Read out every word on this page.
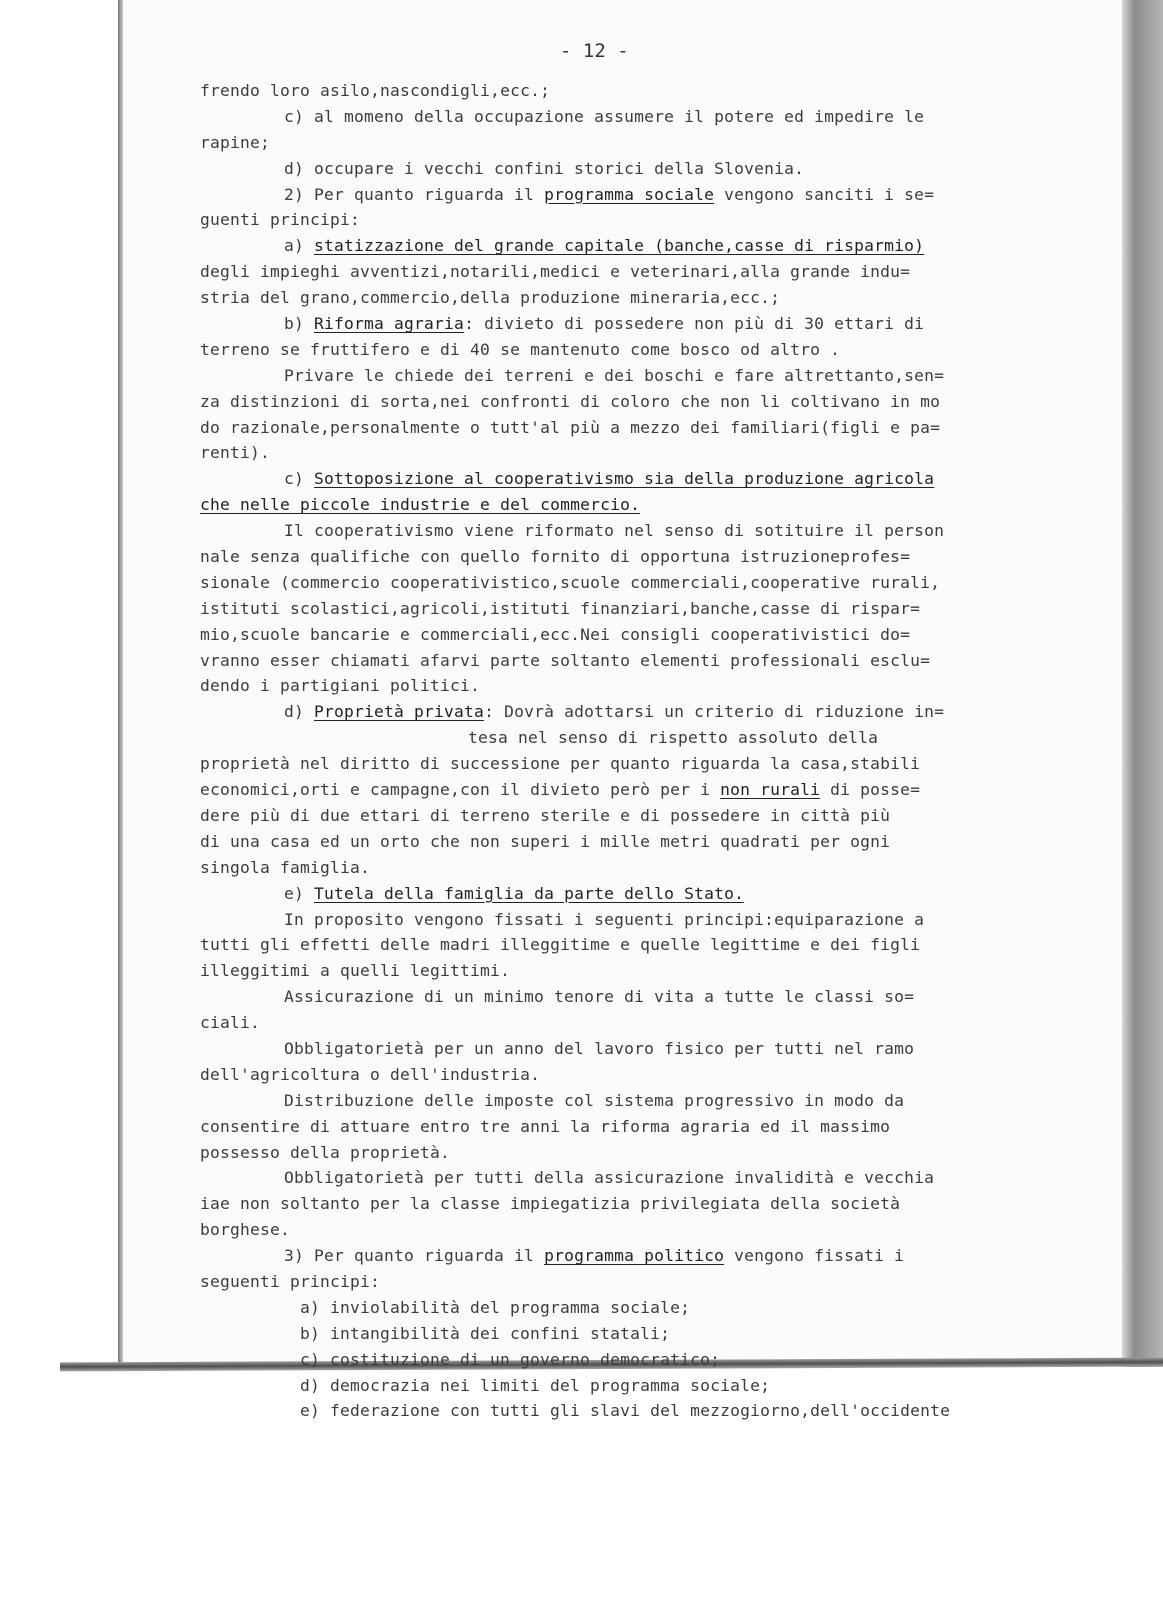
- 12 -
frendo loro asilo,nascondigli,ecc.;
c) al momeno della occupazione assumere il potere ed impedire le
rapine;
d) occupare i vecchi confini storici della Slovenia.
2) Per quanto riguarda il programma sociale vengono sanciti i se=
guenti principi:
a) statizzazione del grande capitale (banche,casse di risparmio)
degli impieghi avventizi,notarili,medici e veterinari,alla grande indu=
stria del grano,commercio,della produzione mineraria,ecc.;
b) Riforma agraria: divieto di possedere non più di 30 ettari di
terreno se fruttifero e di 40 se mantenuto come bosco od altro .
Privare le chiede dei terreni e dei boschi e fare altrettanto,sen=
za distinzioni di sorta,nei confronti di coloro che non li coltivano in mo
do razionale,personalmente o tutt'al più a mezzo dei familiari(figli e pa=
renti).
c) Sottoposizione al cooperativismo sia della produzione agricola
che nelle piccole industrie e del commercio.
Il cooperativismo viene riformato nel senso di sotituire il person
nale senza qualifiche con quello fornito di opportuna istruzioneprofes=
sionale (commercio cooperativistico,scuole commerciali,cooperative rurali,
istituti scolastici,agricoli,istituti finanziari,banche,casse di rispar=
mio,scuole bancarie e commerciali,ecc.Nei consigli cooperativistici do=
vranno esser chiamati afarvi parte soltanto elementi professionali esclu=
dendo i partigiani politici.
d) Proprietà privata: Dovrà adottarsi un criterio di riduzione in=
tesa nel senso di rispetto assoluto della
proprietà nel diritto di successione per quanto riguarda la casa,stabili
economici,orti e campagne,con il divieto però per i non rurali di posse=
dere più di due ettari di terreno sterile e di possedere in città più
di una casa ed un orto che non superi i mille metri quadrati per ogni
singola famiglia.
e) Tutela della famiglia da parte dello Stato.
In proposito vengono fissati i seguenti principi:equiparazione a
tutti gli effetti delle madri illeggitime e quelle legittime e dei figli
illeggitimi a quelli legittimi.
Assicurazione di un minimo tenore di vita a tutte le classi so=
ciali.
Obbligatorietà per un anno del lavoro fisico per tutti nel ramo
dell'agricoltura o dell'industria.
Distribuzione delle imposte col sistema progressivo in modo da
consentire di attuare entro tre anni la riforma agraria ed il massimo
possesso della proprietà.
Obbligatorietà per tutti della assicurazione invalidità e vecchia
iae non soltanto per la classe impiegatizia privilegiata della società
borghese.
3) Per quanto riguarda il programma politico vengono fissati i
seguenti principi:
a) inviolabilità del programma sociale;
b) intangibilità dei confini statali;
c) costituzione di un governo democratico;
d) democrazia nei limiti del programma sociale;
e) federazione con tutti gli slavi del mezzogiorno,dell'occidente
